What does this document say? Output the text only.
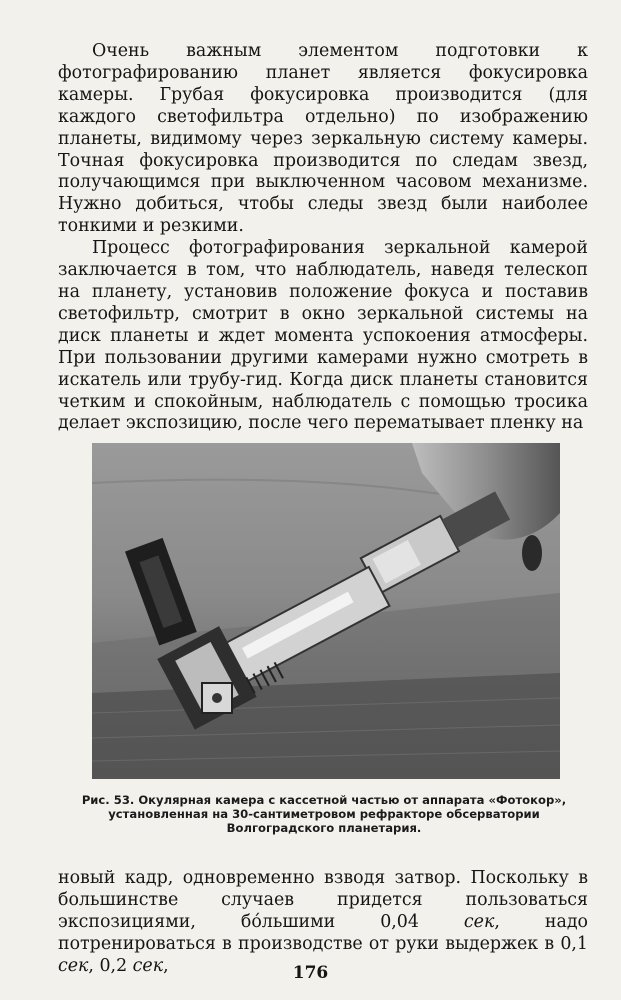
Очень важным элементом подготовки к фотографированию планет является фокусировка камеры. Грубая фокусировка производится (для каждого светофильтра отдельно) по изображению планеты, видимому через зеркальную систему камеры. Точная фокусировка производится по следам звезд, получающимся при выключенном часовом механизме. Нужно добиться, чтобы следы звезд были наиболее тонкими и резкими.

Процесс фотографирования зеркальной камерой заключается в том, что наблюдатель, наведя телескоп на планету, установив положение фокуса и поставив светофильтр, смотрит в окно зеркальной системы на диск планеты и ждет момента успокоения атмосферы. При пользовании другими камерами нужно смотреть в искатель или трубу-гид. Когда диск планеты становится четким и спокойным, наблюдатель с помощью тросика делает экспозицию, после чего перематывает пленку на

Рис. 53. Окулярная камера с кассетной частью от аппарата «Фотокор», установленная на 30-сантиметровом рефракторе обсерватории Волгоградского планетария.

новый кадр, одновременно взводя затвор. Поскольку в большинстве случаев придется пользоваться экспозициями, бо́льшими 0,04 сек, надо потренироваться в производстве от руки выдержек в 0,1 сек, 0,2 сек,	176
